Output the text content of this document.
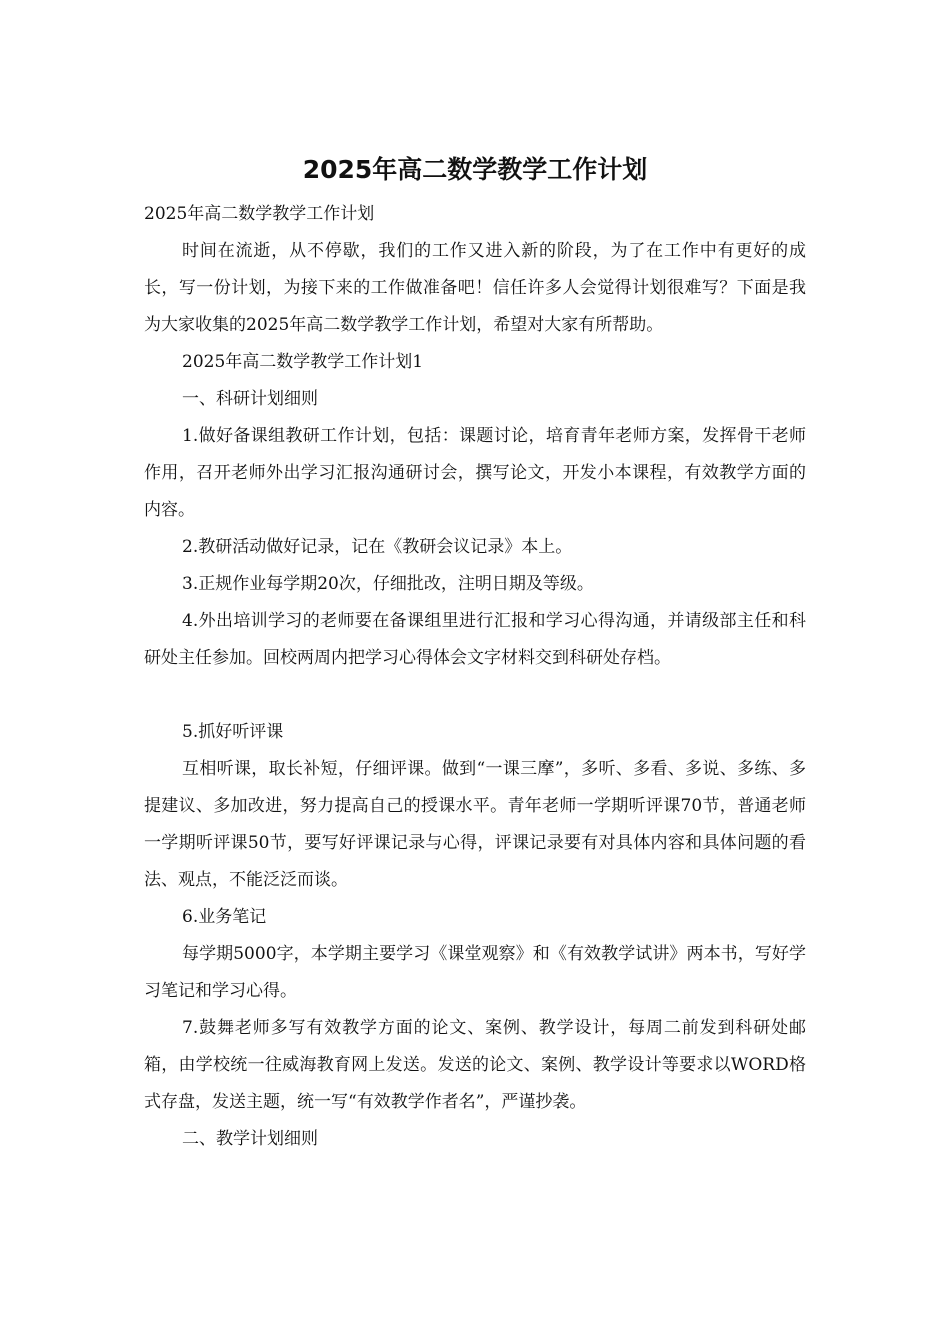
2025年高二数学教学工作计划

2025年高二数学教学工作计划

时间在流逝，从不停歇，我们的工作又进入新的阶段，为了在工作中有更好的成长，写一份计划，为接下来的工作做准备吧！信任许多人会觉得计划很难写？下面是我为大家收集的2025年高二数学教学工作计划，希望对大家有所帮助。

2025年高二数学教学工作计划1

一、科研计划细则

1.做好备课组教研工作计划，包括：课题讨论，培育青年老师方案，发挥骨干老师作用，召开老师外出学习汇报沟通研讨会，撰写论文，开发小本课程，有效教学方面的内容。

2.教研活动做好记录，记在《教研会议记录》本上。

3.正规作业每学期20次，仔细批改，注明日期及等级。

4.外出培训学习的老师要在备课组里进行汇报和学习心得沟通，并请级部主任和科研处主任参加。回校两周内把学习心得体会文字材料交到科研处存档。

5.抓好听评课

互相听课，取长补短，仔细评课。做到“一课三摩”，多听、多看、多说、多练、多提建议、多加改进，努力提高自己的授课水平。青年老师一学期听评课70节，普通老师一学期听评课50节，要写好评课记录与心得，评课记录要有对具体内容和具体问题的看法、观点，不能泛泛而谈。

6.业务笔记

每学期5000字，本学期主要学习《课堂观察》和《有效教学试讲》两本书，写好学习笔记和学习心得。

7.鼓舞老师多写有效教学方面的论文、案例、教学设计，每周二前发到科研处邮箱，由学校统一往威海教育网上发送。发送的论文、案例、教学设计等要求以WORD格式存盘，发送主题，统一写“有效教学作者名”，严谨抄袭。

二、教学计划细则
